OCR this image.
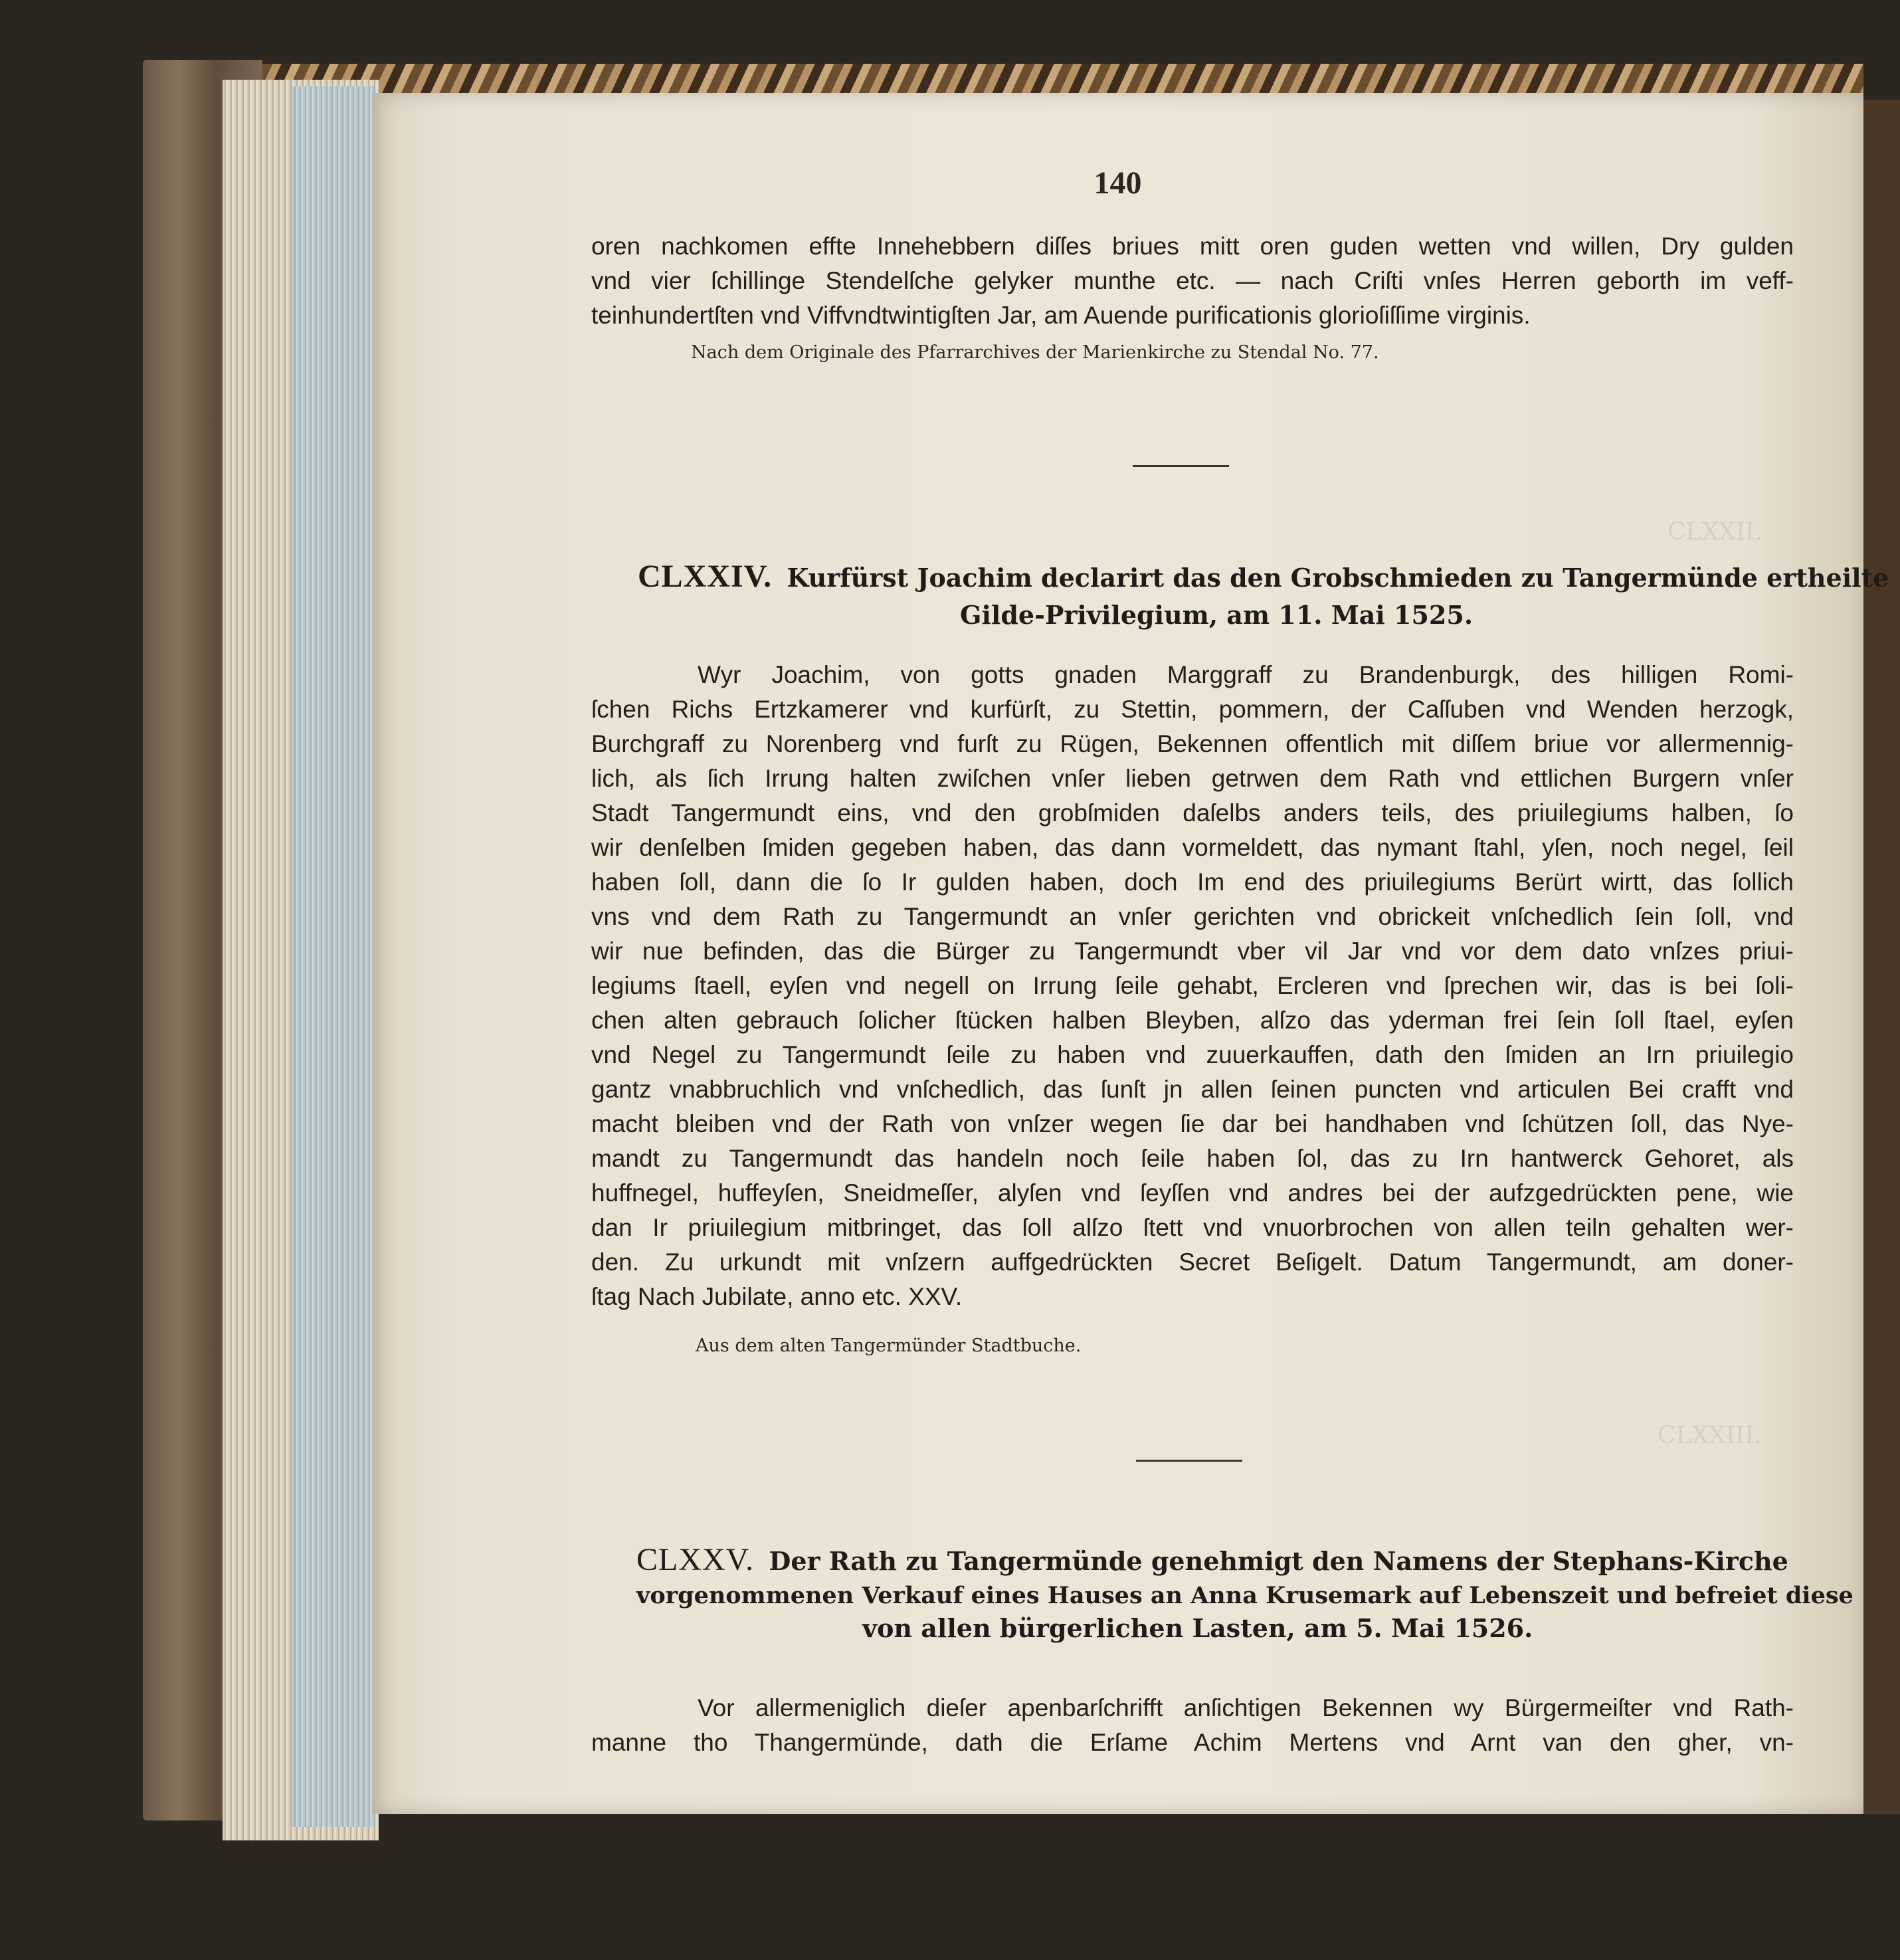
CLXXII.
CLXXIII.
140
oren nachkomen effte Innehebbern diſſes briues mitt oren guden wetten vnd willen, Dry gulden
vnd vier ſchillinge Stendelſche gelyker munthe etc. — nach Criſti vnſes Herren geborth im veff-
teinhundertſten vnd Viffvndtwintigſten Jar, am Auende purificationis glorioſiſſime virginis.

Nach dem Originale des Pfarrarchives der Marienkirche zu Stendal No. 77.

CLXXIV. Kurfürst Joachim declarirt das den Grobschmieden zu Tangermünde ertheilte
Gilde-Privilegium, am 11. Mai 1525.
Wyr Joachim, von gotts gnaden Marggraff zu Brandenburgk, des hilligen Romi-
ſchen Richs Ertzkamerer vnd kurfürſt, zu Stettin, pommern, der Caſſuben vnd Wenden herzogk,
Burchgraff zu Norenberg vnd furſt zu Rügen, Bekennen offentlich mit diſſem briue vor allermennig-
lich, als ſich Irrung halten zwiſchen vnſer lieben getrwen dem Rath vnd ettlichen Burgern vnſer
Stadt Tangermundt eins, vnd den grobſmiden daſelbs anders teils, des priuilegiums halben, ſo
wir denſelben ſmiden gegeben haben, das dann vormeldett, das nymant ſtahl, yſen, noch negel, ſeil
haben ſoll, dann die ſo Ir gulden haben, doch Im end des priuilegiums Berürt wirtt, das ſollich
vns vnd dem Rath zu Tangermundt an vnſer gerichten vnd obrickeit vnſchedlich ſein ſoll, vnd
wir nue befinden, das die Bürger zu Tangermundt vber vil Jar vnd vor dem dato vnſzes priui-
legiums ſtaell, eyſen vnd negell on Irrung ſeile gehabt, Ercleren vnd ſprechen wir, das is bei ſoli-
chen alten gebrauch ſolicher ſtücken halben Bleyben, alſzo das yderman frei ſein ſoll ſtael, eyſen
vnd Negel zu Tangermundt ſeile zu haben vnd zuuerkauffen, dath den ſmiden an Irn priuilegio
gantz vnabbruchlich vnd vnſchedlich, das ſunſt jn allen ſeinen puncten vnd articulen Bei crafft vnd
macht bleiben vnd der Rath von vnſzer wegen ſie dar bei handhaben vnd ſchützen ſoll, das Nye-
mandt zu Tangermundt das handeln noch ſeile haben ſol, das zu Irn hantwerck Gehoret, als
huffnegel, huffeyſen, Sneidmeſſer, alyſen vnd ſeyſſen vnd andres bei der aufzgedrückten pene, wie
dan Ir priuilegium mitbringet, das ſoll alſzo ſtett vnd vnuorbrochen von allen teiln gehalten wer-
den. Zu urkundt mit vnſzern auffgedrückten Secret Beſigelt. Datum Tangermundt, am doner-
ſtag Nach Jubilate, anno etc. XXV.

Aus dem alten Tangermünder Stadtbuche.

CLXXV. Der Rath zu Tangermünde genehmigt den Namens der Stephans-Kirche
vorgenommenen Verkauf eines Hauses an Anna Krusemark auf Lebenszeit und befreiet diese
von allen bürgerlichen Lasten, am 5. Mai 1526.
Vor allermeniglich dieſer apenbarſchrifft anſichtigen Bekennen wy Bürgermeiſter vnd Rath-
manne tho Thangermünde, dath die Erſame Achim Mertens vnd Arnt van den gher, vn-
